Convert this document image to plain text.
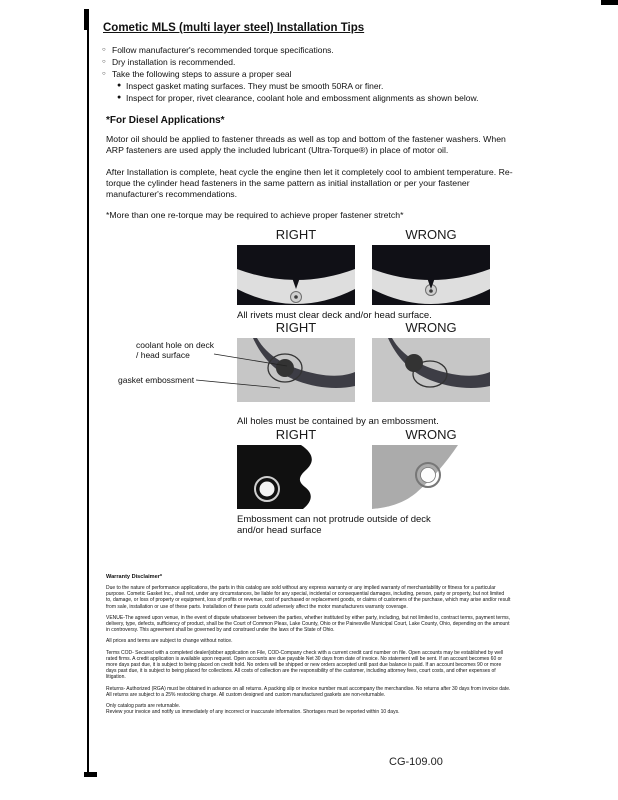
Cometic MLS (multi layer steel) Installation Tips
○ Follow manufacturer's recommended torque specifications.
○ Dry installation is recommended.
○ Take the following steps to assure a proper seal
● Inspect gasket mating surfaces. They must be smooth 50RA or finer.
● Inspect for proper, rivet clearance, coolant hole and embossment alignments as shown below.
*For Diesel Applications*

Motor oil should be applied to fastener threads as well as top and bottom of the fastener washers. When ARP fasteners are used apply the included lubricant (Ultra-Torque®) in place of motor oil.

After Installation is complete, heat cycle the engine then let it completely cool to ambient temperature. Re-torque the cylinder head fasteners in the same pattern as initial installation or per your fastener manufacturer's recommendations.

*More than one re-torque may be required to achieve proper fastener stretch*

RIGHT	WRONG
All rivets must clear deck and/or head surface.
RIGHT	WRONG
coolant hole on deck / head surface
gasket embossment
All holes must be contained by an embossment.
RIGHT	WRONG
Embossment can not protrude outside of deck and/or head surface
Warranty Disclaimer*

Due to the nature of performance applications, the parts in this catalog are sold without any express warranty or any implied warranty of merchantability or fitness for a particular purpose. Cometic Gasket Inc., shall not, under any circumstances, be liable for any special, incidental or consequential damages, including, person, party or property, but not limited to, damage, or loss of property or equipment, loss of profits or revenue, cost of purchased or replacement goods, or claims of customers of the purchase, which may arise and/or result from sale, installation or use of these parts. Installation of these parts could adversely affect the motor manufacturers warranty coverage.

VENUE-The agreed upon venue, in the event of dispute whatsoever between the parties, whether instituted by either party, including, but not limited to, contract terms, payment terms, delivery, type, defects, sufficiency of product, shall be the Court of Common Pleas, Lake County, Ohio or the Painesville Municipal Court, Lake County, Ohio, depending on the amount in controversy. This agreement shall be governed by and construed under the laws of the State of Ohio.

All prices and terms are subject to change without notice.

Terms COD- Secured with a completed dealer/jobber application on File, COD-Company check with a current credit card number on file. Open accounts may be established by well rated firms. A credit application is available upon request. Open accounts are due payable Net 30 days from date of invoice. No statement will be sent. If an account becomes 60 or more days past due, it is subject to being placed on credit hold. No orders will be shipped or new orders accepted until past due balance is paid. If an account becomes 90 or more days past due, it is subject to being placed for collections. All costs of collection are the responsibility of the customer, including attorney fees, court costs, and other expenses of litigation.

Returns- Authorized (RGA) must be obtained in advance on all returns. A packing slip or invoice number must accompany the merchandise. No returns after 30 days from invoice date. All returns are subject to a 25% restocking charge. All custom designed and custom manufactured gaskets are non-returnable.

Only catalog parts are returnable.

Review your invoice and notify us immediately of any incorrect or inaccurate information. Shortages must be reported within 10 days.

CG-109.00
